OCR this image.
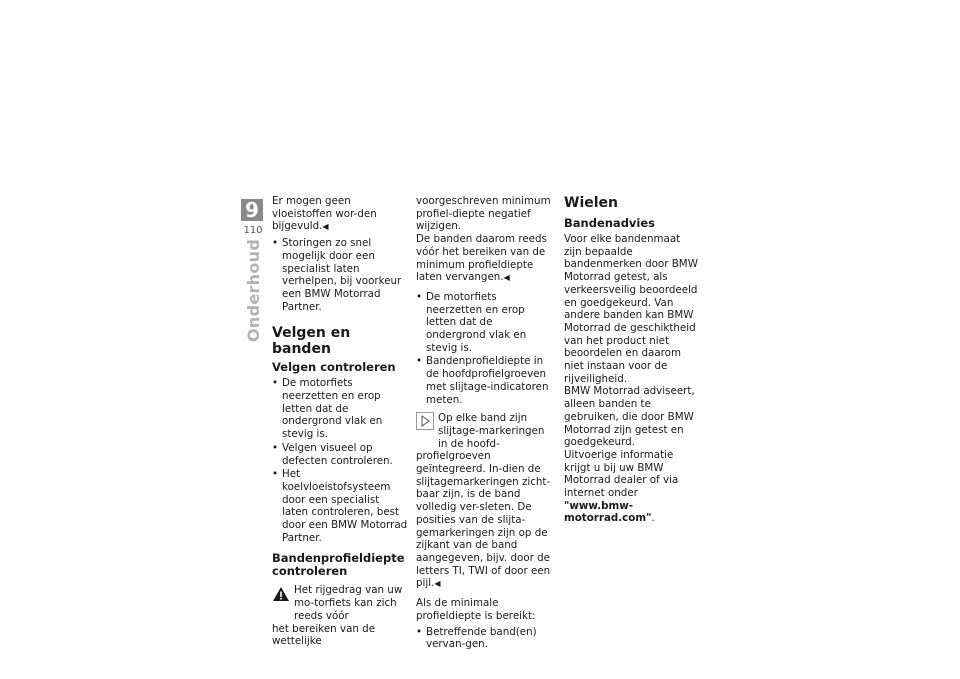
9
110
Onderhoud

Er mogen geen vloeistoffen wor-den bijgevuld.◀

• Storingen zo snel mogelijk door een specialist laten verhelpen, bij voorkeur een BMW Motorrad Partner.
Velgen en banden
Velgen controleren
• De motorfiets neerzetten en erop letten dat de ondergrond vlak en stevig is.
• Velgen visueel op defecten controleren.
• Het koelvloeistofsysteem door een specialist laten controleren, best door een BMW Motorrad Partner.
Bandenprofieldiepte controleren
Het rijgedrag van uw mo-torfiets kan zich reeds vóór

het bereiken van de wettelijke

voorgeschreven minimum profiel-diepte negatief wijzigen.

De banden daarom reeds vóór het bereiken van de minimum profieldiepte laten vervangen.◀

• De motorfiets neerzetten en erop letten dat de ondergrond vlak en stevig is.
• Bandenprofieldiepte in de hoofdprofielgroeven met slijtage-indicatoren meten.
Op elke band zijn slijtage-markeringen in de hoofd-

profielgroeven geïntegreerd. In-dien de slijtagemarkeringen zicht-baar zijn, is de band volledig ver-sleten. De posities van de slijta-gemarkeringen zijn op de zijkant van de band aangegeven, bijv. door de letters TI, TWI of door een pijl.◀

Als de minimale profieldiepte is bereikt:

• Betreffende band(en) vervan-gen.
Wielen
Bandenadvies

Voor elke bandenmaat zijn bepaalde bandenmerken door BMW Motorrad getest, als verkeersveilig beoordeeld en goedgekeurd. Van andere banden kan BMW Motorrad de geschiktheid van het product niet beoordelen en daarom niet instaan voor de rijveiligheid.

BMW Motorrad adviseert, alleen banden te gebruiken, die door BMW Motorrad zijn getest en goedgekeurd.

Uitvoerige informatie krijgt u bij uw BMW Motorrad dealer of via internet onder "www.bmw-motorrad.com".
